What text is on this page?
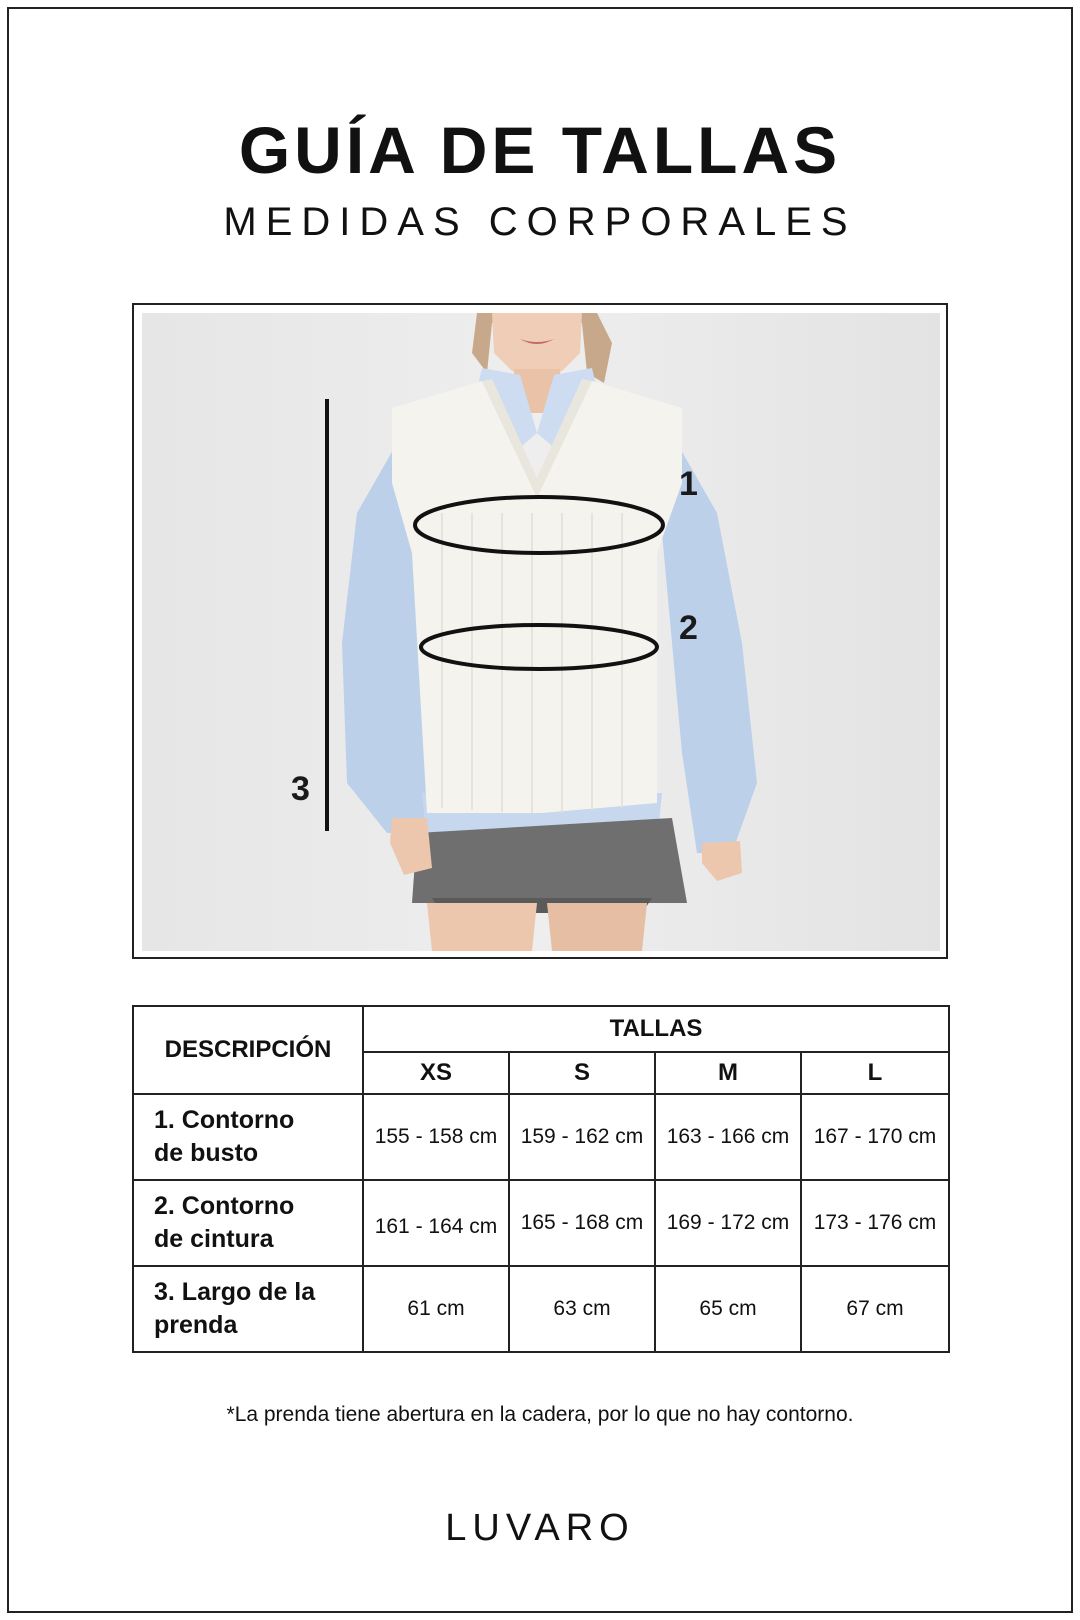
GUÍA DE TALLAS
MEDIDAS CORPORALES
1
2
3
DESCRIPCIÓN	TALLAS			
	XS	S	M	L
1. Contorno
de busto	155 - 158 cm	159 - 162 cm	163 - 166 cm	167 - 170 cm
2. Contorno
de cintura	161 - 164 cm	165 - 168 cm	169 - 172 cm	173 - 176 cm
3. Largo de la
prenda	61 cm	63 cm	65 cm	67 cm
*La prenda tiene abertura en la cadera, por lo que no hay contorno.
LUVARO
